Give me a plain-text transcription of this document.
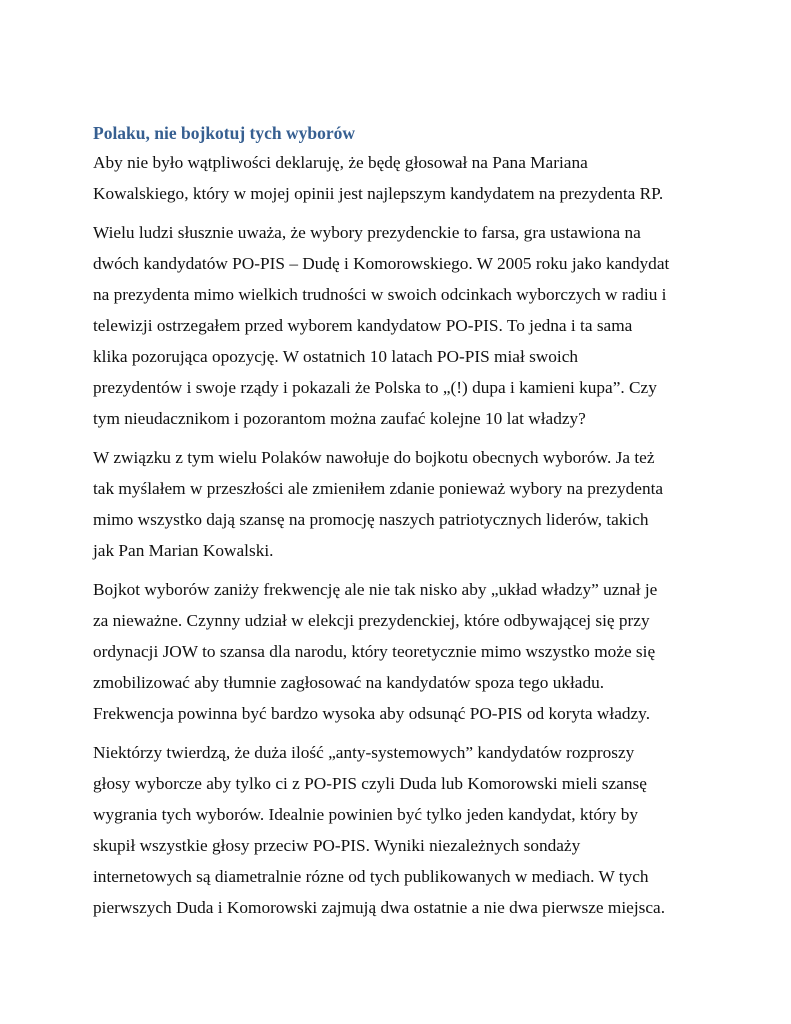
Polaku, nie bojkotuj tych wyborów

Aby nie było wątpliwości deklaruję, że będę głosował na Pana Mariana
Kowalskiego, który w mojej opinii jest najlepszym kandydatem na prezydenta RP.

Wielu ludzi słusznie uważa, że wybory prezydenckie to farsa, gra ustawiona na
dwóch kandydatów PO-PIS – Dudę i Komorowskiego. W 2005 roku jako kandydat
na prezydenta mimo wielkich trudności w swoich odcinkach wyborczych w radiu i
telewizji ostrzegałem przed wyborem kandydatow PO-PIS. To jedna i ta sama
klika pozorująca opozycję. W ostatnich 10 latach PO-PIS miał swoich
prezydentów i swoje rządy i pokazali że Polska to „(!) dupa i kamieni kupa”. Czy
tym nieudacznikom i pozorantom można zaufać kolejne 10 lat władzy?

W związku z tym wielu Polaków nawołuje do bojkotu obecnych wyborów. Ja też
tak myślałem w przeszłości ale zmieniłem zdanie ponieważ wybory na prezydenta
mimo wszystko dają szansę na promocję naszych patriotycznych liderów, takich
jak Pan Marian Kowalski.

Bojkot wyborów zaniży frekwencję ale nie tak nisko aby „układ władzy” uznał je
za nieważne. Czynny udział w elekcji prezydenckiej, które odbywającej się przy
ordynacji JOW to szansa dla narodu, który teoretycznie mimo wszystko może się
zmobilizować aby tłumnie zagłosować na kandydatów spoza tego układu.
Frekwencja powinna być bardzo wysoka aby odsunąć PO-PIS od koryta władzy.

Niektórzy twierdzą, że duża ilość „anty-systemowych” kandydatów rozproszy
głosy wyborcze aby tylko ci z PO-PIS czyli Duda lub Komorowski mieli szansę
wygrania tych wyborów. Idealnie powinien być tylko jeden kandydat, który by
skupił wszystkie głosy przeciw PO-PIS. Wyniki niezależnych sondaży
internetowych są diametralnie rózne od tych publikowanych w mediach. W tych
pierwszych Duda i Komorowski zajmują dwa ostatnie a nie dwa pierwsze miejsca.
